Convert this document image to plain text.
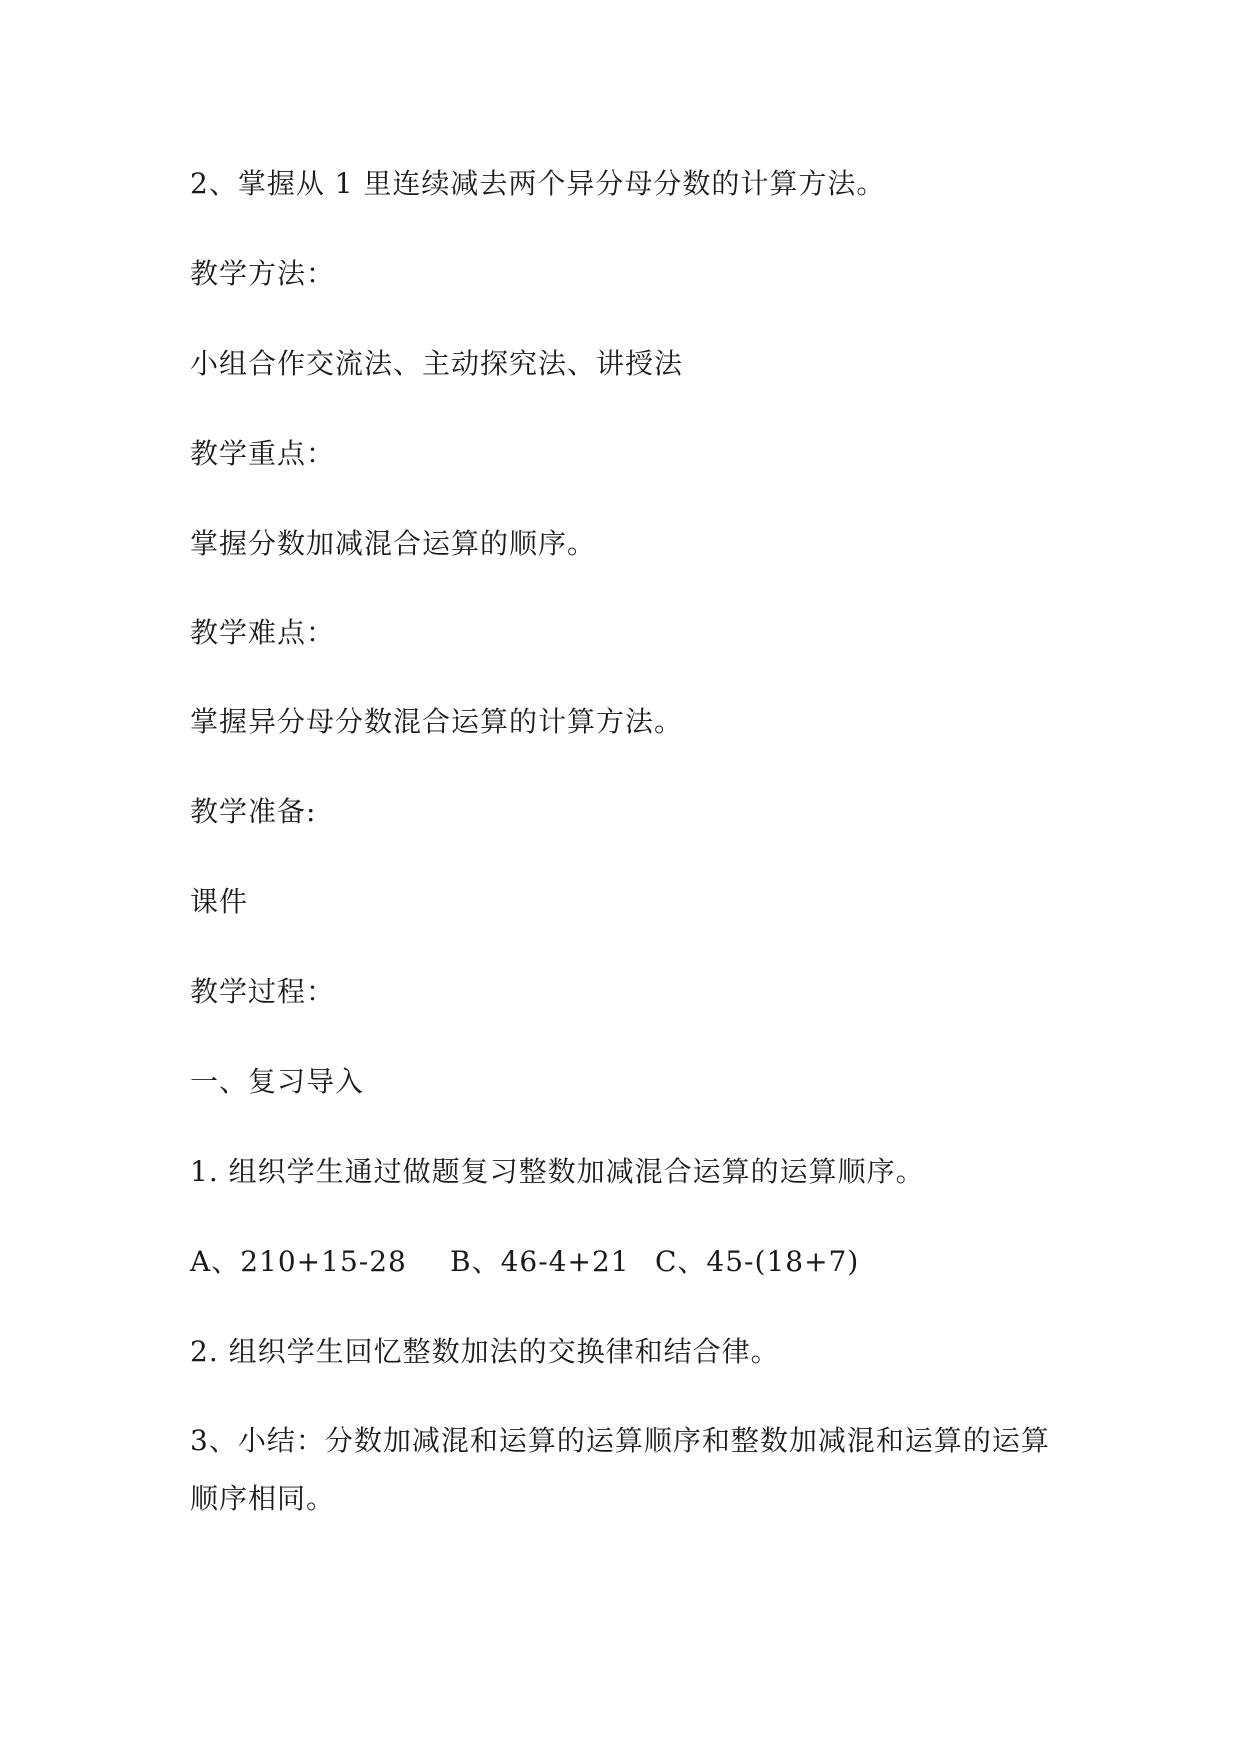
2、掌握从 1 里连续减去两个异分母分数的计算方法。
教学方法：
小组合作交流法、主动探究法、讲授法
教学重点：
掌握分数加减混合运算的顺序。
教学难点：
掌握异分母分数混合运算的计算方法。
教学准备:
课件
教学过程：
一、复习导入
1. 组织学生通过做题复习整数加减混合运算的运算顺序。
A、210+15-28 B、46-4+21 C、45-(18+7)
2. 组织学生回忆整数加法的交换律和结合律。
3、小结：分数加减混和运算的运算顺序和整数加减混和运算的运算顺序相同。
